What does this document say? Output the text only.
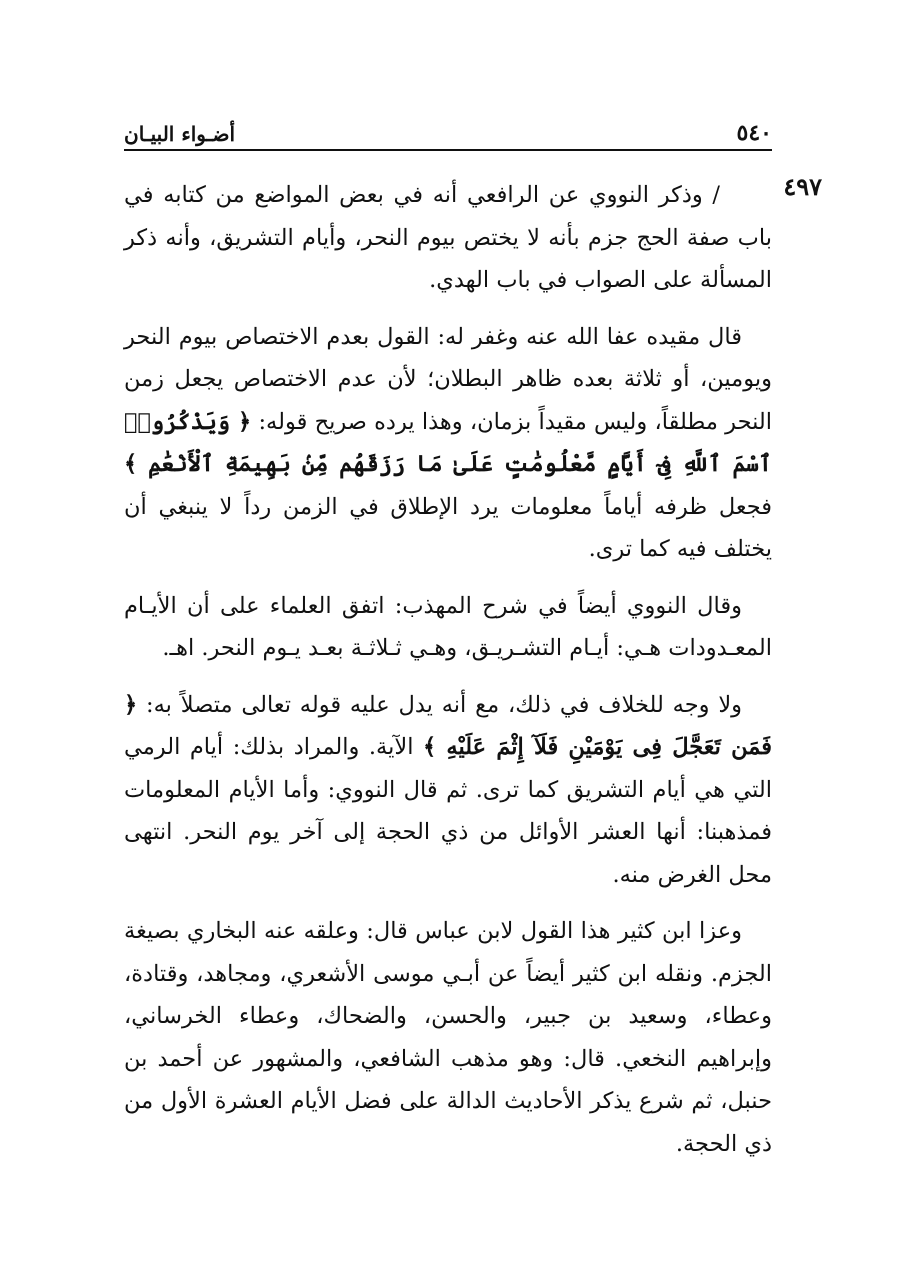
٥٤٠
أضـواء البيـان
٤٩٧

/ وذكر النووي عن الرافعي أنه في بعض المواضع من كتابه في باب صفة الحج جزم بأنه لا يختص بيوم النحر، وأيام التشريق، وأنه ذكر المسألة على الصواب في باب الهدي.

قال مقيده عفا الله عنه وغفر له: القول بعدم الاختصاص بيوم النحر ويومين، أو ثلاثة بعده ظاهر البطلان؛ لأن عدم الاختصاص يجعل زمن النحر مطلقاً، وليس مقيداً بزمان، وهذا يرده صريح قوله: ﴿ وَيَذْكُرُوا۟ ٱسْمَ ٱللَّهِ فِىٓ أَيَّامٍ مَّعْلُومَٰتٍ عَلَىٰ مَا رَزَقَهُم مِّنۢ بَهِيمَةِ ٱلْأَنْعَٰمِ ﴾ فجعل ظرفه أياماً معلومات يرد الإطلاق في الزمن رداً لا ينبغي أن يختلف فيه كما ترى.

وقال النووي أيضاً في شرح المهذب: اتفق العلماء على أن الأيـام المعـدودات هـي: أيـام التشـريـق، وهـي ثـلاثـة بعـد يـوم النحر. اهـ.

ولا وجه للخلاف في ذلك، مع أنه يدل عليه قوله تعالى متصلاً به: ﴿ فَمَن تَعَجَّلَ فِى يَوْمَيْنِ فَلَآ إِثْمَ عَلَيْهِ ﴾ الآية. والمراد بذلك: أيام الرمي التي هي أيام التشريق كما ترى. ثم قال النووي: وأما الأيام المعلومات فمذهبنا: أنها العشر الأوائل من ذي الحجة إلى آخر يوم النحر. انتهى محل الغرض منه.

وعزا ابن كثير هذا القول لابن عباس قال: وعلقه عنه البخاري بصيغة الجزم. ونقله ابن كثير أيضاً عن أبـي موسى الأشعري، ومجاهد، وقتادة، وعطاء، وسعيد بن جبير، والحسن، والضحاك، وعطاء الخرساني، وإبراهيم النخعي. قال: وهو مذهب الشافعي، والمشهور عن أحمد بن حنبل، ثم شرع يذكر الأحاديث الدالة على فضل الأيام العشرة الأول من ذي الحجة.
